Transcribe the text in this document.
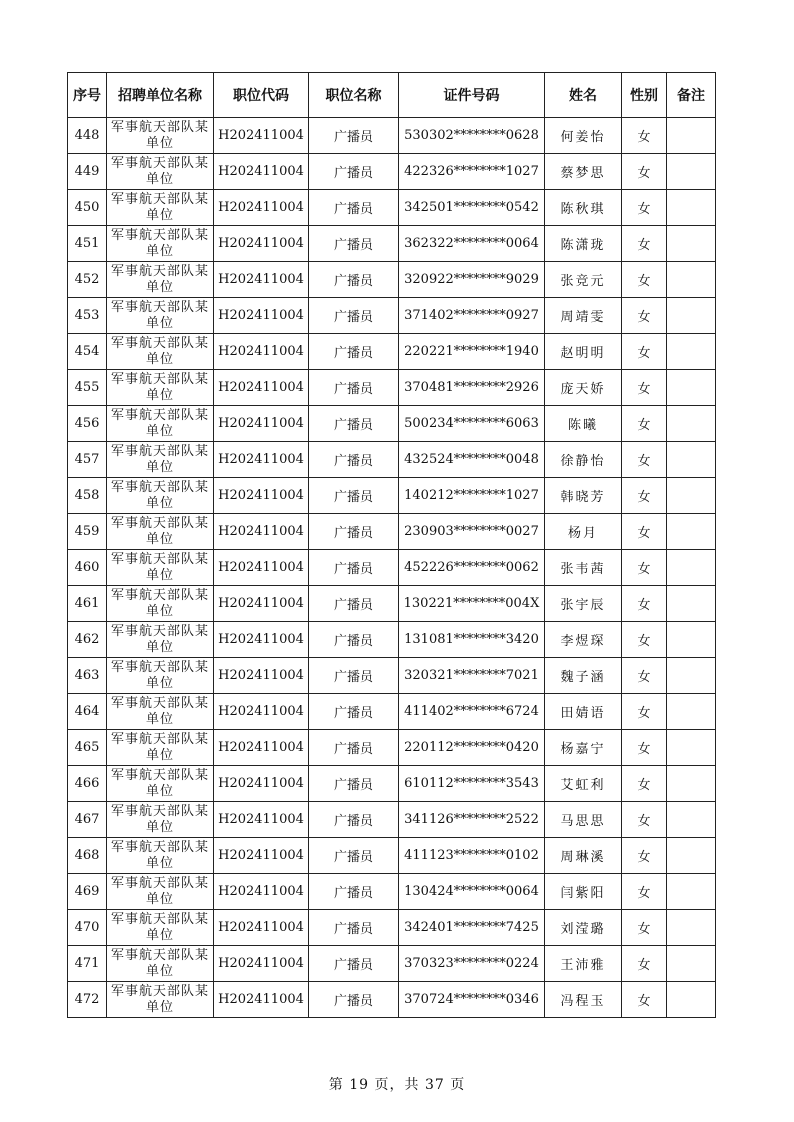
序号	招聘单位名称	职位代码	职位名称	证件号码	姓名	性别	备注
448	军事航天部队某单位	H202411004	广播员	530302********0628	何姜怡	女	
449	军事航天部队某单位	H202411004	广播员	422326********1027	蔡梦思	女	
450	军事航天部队某单位	H202411004	广播员	342501********0542	陈秋琪	女	
451	军事航天部队某单位	H202411004	广播员	362322********0064	陈潇珑	女	
452	军事航天部队某单位	H202411004	广播员	320922********9029	张竞元	女	
453	军事航天部队某单位	H202411004	广播员	371402********0927	周靖雯	女	
454	军事航天部队某单位	H202411004	广播员	220221********1940	赵明明	女	
455	军事航天部队某单位	H202411004	广播员	370481********2926	庞天娇	女	
456	军事航天部队某单位	H202411004	广播员	500234********6063	陈曦	女	
457	军事航天部队某单位	H202411004	广播员	432524********0048	徐静怡	女	
458	军事航天部队某单位	H202411004	广播员	140212********1027	韩晓芳	女	
459	军事航天部队某单位	H202411004	广播员	230903********0027	杨月	女	
460	军事航天部队某单位	H202411004	广播员	452226********0062	张韦茜	女	
461	军事航天部队某单位	H202411004	广播员	130221********004X	张宇辰	女	
462	军事航天部队某单位	H202411004	广播员	131081********3420	李煜琛	女	
463	军事航天部队某单位	H202411004	广播员	320321********7021	魏子涵	女	
464	军事航天部队某单位	H202411004	广播员	411402********6724	田婧语	女	
465	军事航天部队某单位	H202411004	广播员	220112********0420	杨嘉宁	女	
466	军事航天部队某单位	H202411004	广播员	610112********3543	艾虹利	女	
467	军事航天部队某单位	H202411004	广播员	341126********2522	马思思	女	
468	军事航天部队某单位	H202411004	广播员	411123********0102	周琳溪	女	
469	军事航天部队某单位	H202411004	广播员	130424********0064	闫紫阳	女	
470	军事航天部队某单位	H202411004	广播员	342401********7425	刘滢璐	女	
471	军事航天部队某单位	H202411004	广播员	370323********0224	王沛雅	女	
472	军事航天部队某单位	H202411004	广播员	370724********0346	冯程玉	女	
第 19 页，共 37 页
